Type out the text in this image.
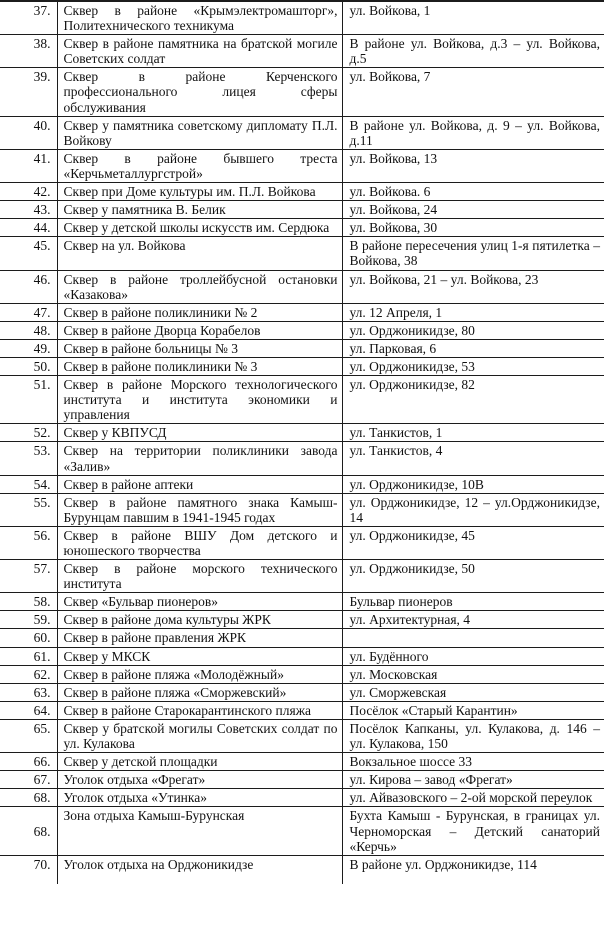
37.	Сквер в районе «Крымэлектромашторг», Политехнического техникума	ул. Войкова, 1
38.	Сквер в районе памятника на братской могиле Советских солдат	В районе ул. Войкова, д.3 – ул. Войкова, д.5
39.	Сквер в районе Керченского профессионального лицея сферы обслуживания	ул. Войкова, 7
40.	Сквер у памятника советскому дипломату П.Л. Войкову	В районе ул. Войкова, д. 9 – ул. Войкова, д.11
41.	Сквер в районе бывшего треста «Керчьметаллургстрой»	ул. Войкова, 13
42.	Сквер при Доме культуры им. П.Л. Войкова	ул. Войкова. 6
43.	Сквер у памятника В. Белик	ул. Войкова, 24
44.	Сквер у детской школы искусств им. Сердюка	ул. Войкова, 30
45.	Сквер на ул. Войкова	В районе пересечения улиц 1-я пятилетка – Войкова, 38
46.	Сквер в районе троллейбусной остановки «Казакова»	ул. Войкова, 21 – ул. Войкова, 23
47.	Сквер в районе поликлиники № 2	ул. 12 Апреля, 1
48.	Сквер в районе Дворца Корабелов	ул. Орджоникидзе, 80
49.	Сквер в районе больницы № 3	ул. Парковая, 6
50.	Сквер в районе поликлиники № 3	ул. Орджоникидзе, 53
51.	Сквер в районе Морского технологического института и института экономики и управления	ул. Орджоникидзе, 82
52.	Сквер у КВПУСД	ул. Танкистов, 1
53.	Сквер на территории поликлиники завода «Залив»	ул. Танкистов, 4
54.	Сквер в районе аптеки	ул. Орджоникидзе, 10В
55.	Сквер в районе памятного знака Камыш-Бурунцам павшим в 1941-1945 годах	ул. Орджоникидзе, 12 – ул.Орджоникидзе, 14
56.	Сквер в районе ВШУ Дом детского и юношеского творчества	ул. Орджоникидзе, 45
57.	Сквер в районе морского технического института	ул. Орджоникидзе, 50
58.	Сквер «Бульвар пионеров»	Бульвар пионеров
59.	Сквер в районе дома культуры ЖРК	ул. Архитектурная, 4
60.	Сквер в районе правления ЖРК	
61.	Сквер у МКСК	ул. Будённого
62.	Сквер в районе пляжа «Молодёжный»	ул. Московская
63.	Сквер в районе пляжа «Сморжевский»	ул. Сморжевская
64.	Сквер в районе Старокарантинского пляжа	Посёлок «Старый Карантин»
65.	Сквер у братской могилы Советских солдат по ул. Кулакова	Посёлок Капканы, ул. Кулакова, д. 146 – ул. Кулакова, 150
66.	Сквер у детской площадки	Вокзальное шоссе 33
67.	Уголок отдыха «Фрегат»	ул. Кирова – завод «Фрегат»
68.	Уголок отдыха «Утинка»	ул. Айвазовского – 2-ой морской переулок
68.	Зона отдыха Камыш-Бурунская	Бухта Камыш - Бурунская, в границах ул. Черноморская – Детский санаторий «Керчь»
70.	Уголок отдыха на Орджоникидзе	В районе ул. Орджоникидзе, 114
